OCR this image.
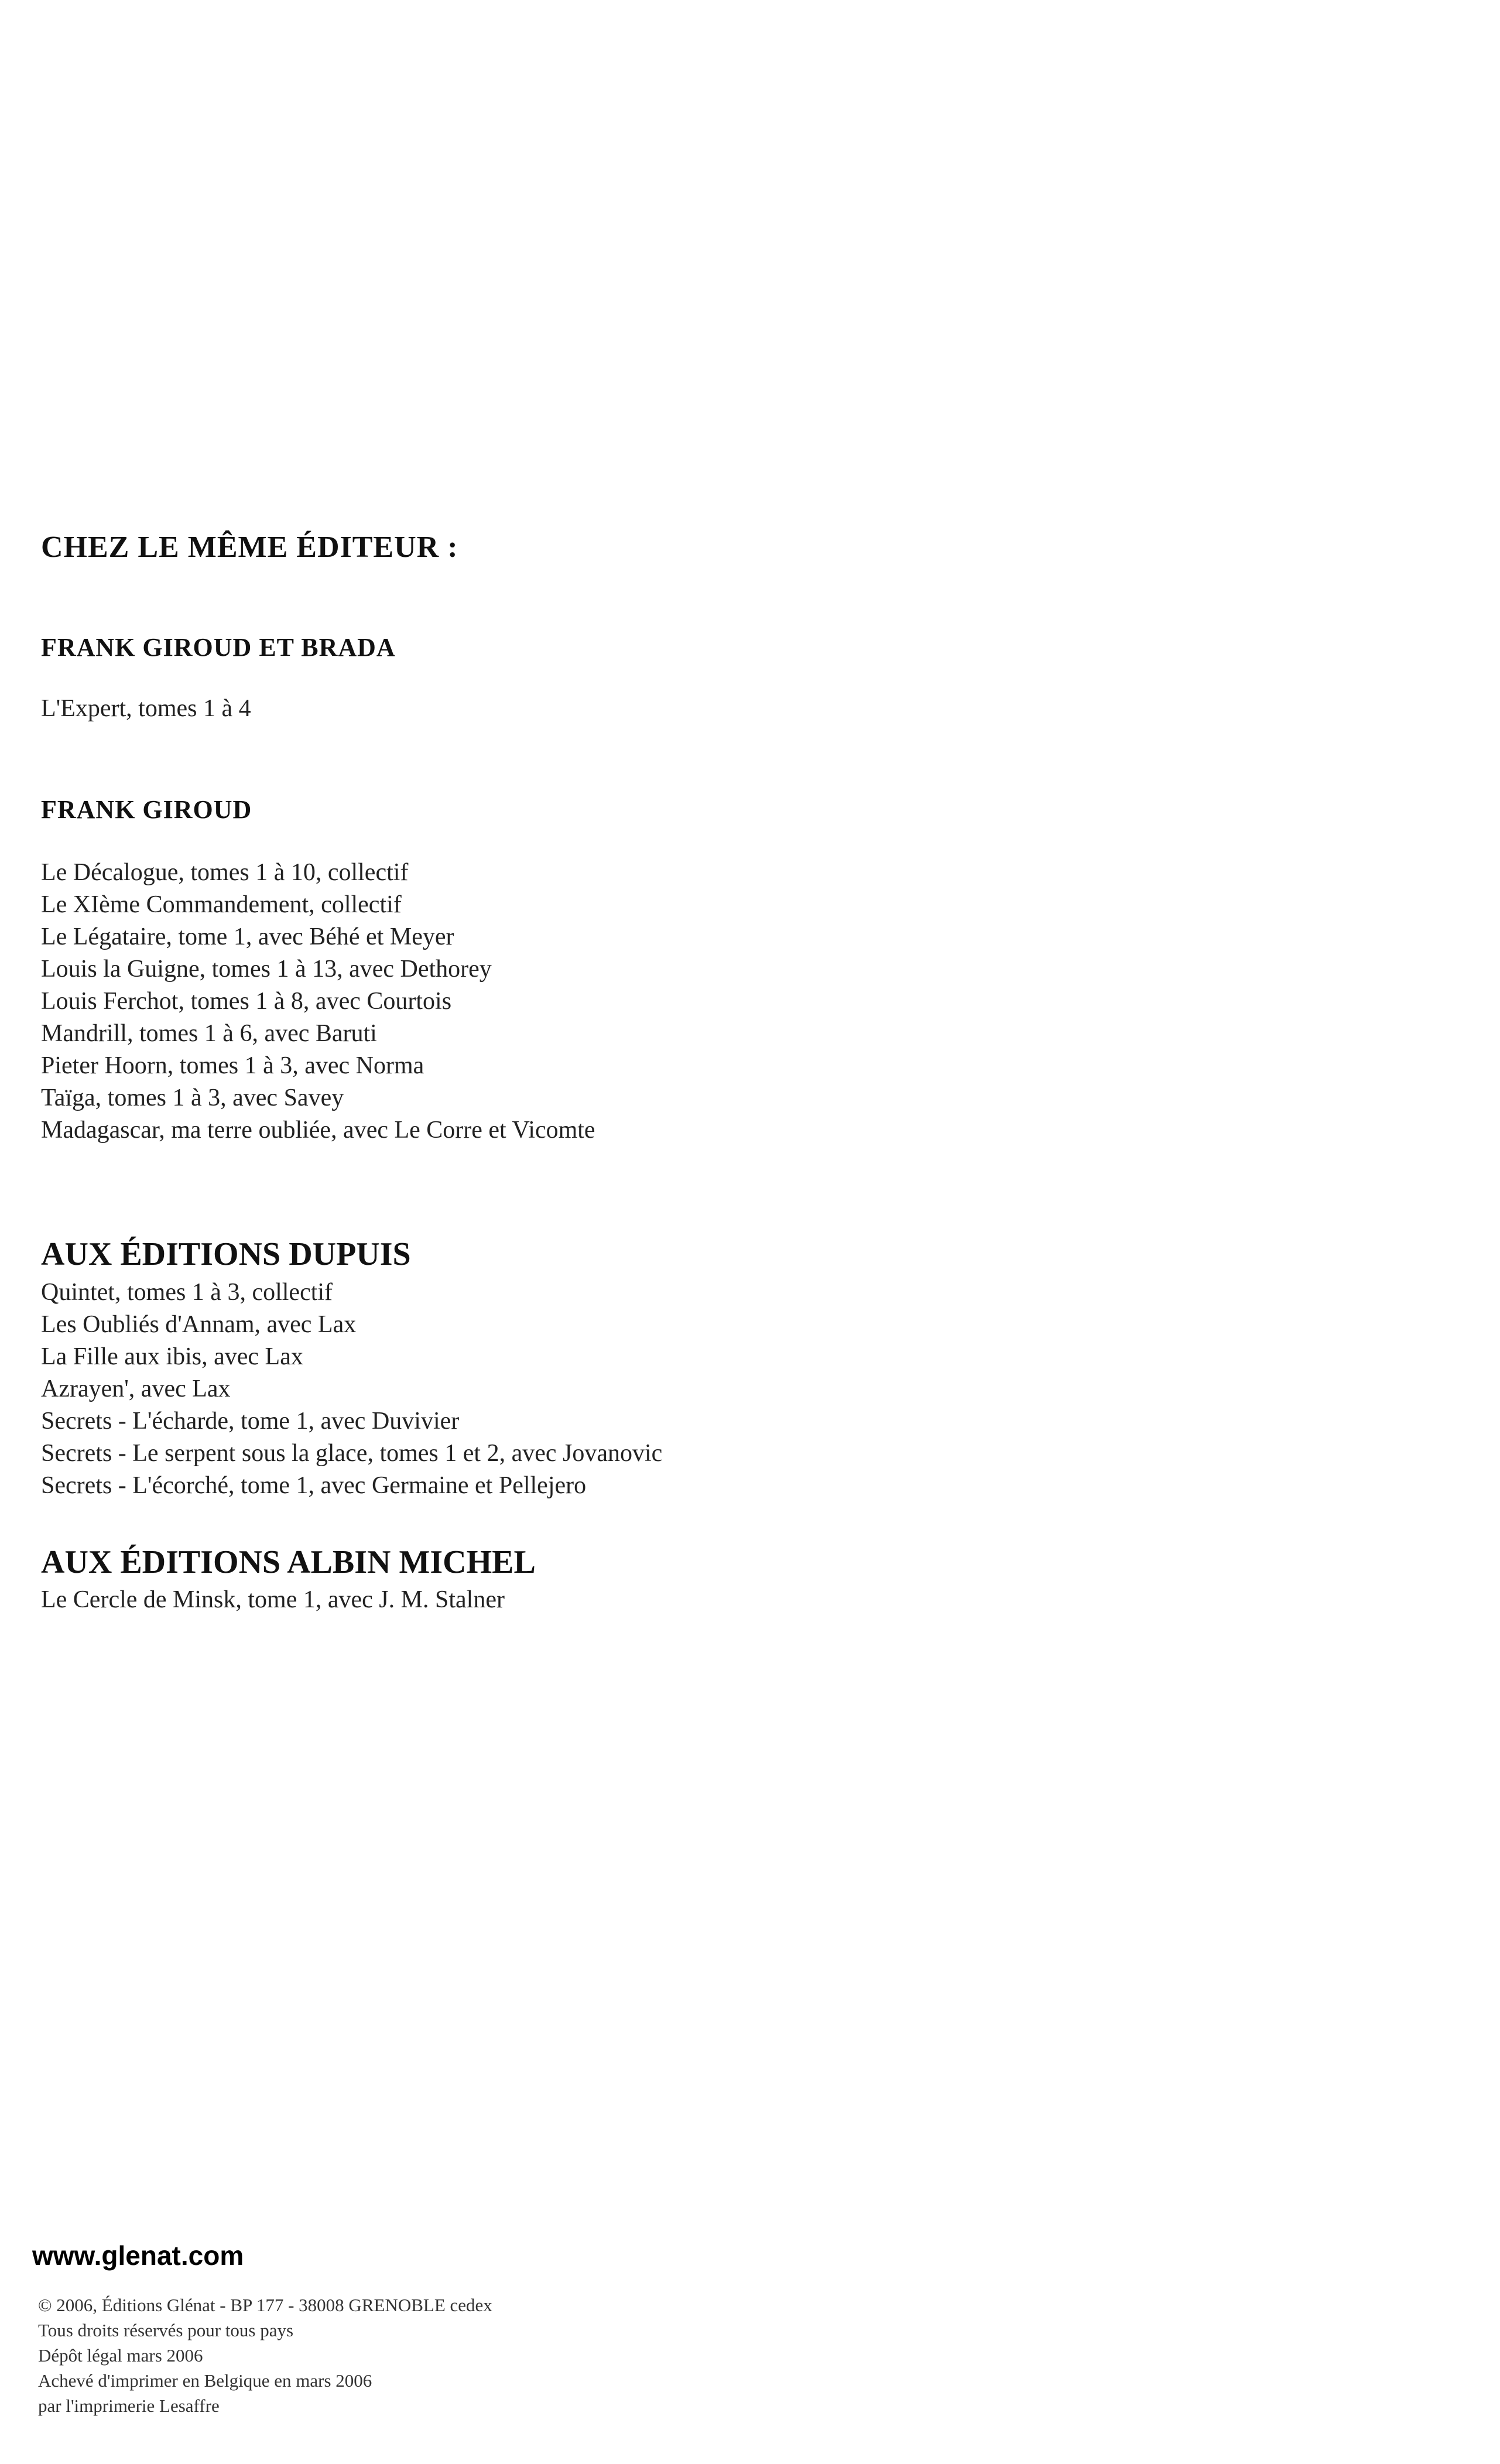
CHEZ LE MÊME ÉDITEUR :
FRANK GIROUD ET BRADA
L'Expert, tomes 1 à 4
FRANK GIROUD
Le Décalogue, tomes 1 à 10, collectif
Le XIème Commandement, collectif
Le Légataire, tome 1, avec Béhé et Meyer
Louis la Guigne, tomes 1 à 13, avec Dethorey
Louis Ferchot, tomes 1 à 8, avec Courtois
Mandrill, tomes 1 à 6, avec Baruti
Pieter Hoorn, tomes 1 à 3, avec Norma
Taïga, tomes 1 à 3, avec Savey
Madagascar, ma terre oubliée, avec Le Corre et Vicomte
AUX ÉDITIONS DUPUIS
Quintet, tomes 1 à 3, collectif
Les Oubliés d'Annam, avec Lax
La Fille aux ibis, avec Lax
Azrayen', avec Lax
Secrets - L'écharde, tome 1, avec Duvivier
Secrets - Le serpent sous la glace, tomes 1 et 2, avec Jovanovic
Secrets - L'écorché, tome 1, avec Germaine et Pellejero
AUX ÉDITIONS ALBIN MICHEL
Le Cercle de Minsk, tome 1, avec J. M. Stalner
www.glenat.com
© 2006, Éditions Glénat - BP 177 - 38008 GRENOBLE cedex
Tous droits réservés pour tous pays
Dépôt légal mars 2006
Achevé d'imprimer en Belgique en mars 2006
par l'imprimerie Lesaffre
